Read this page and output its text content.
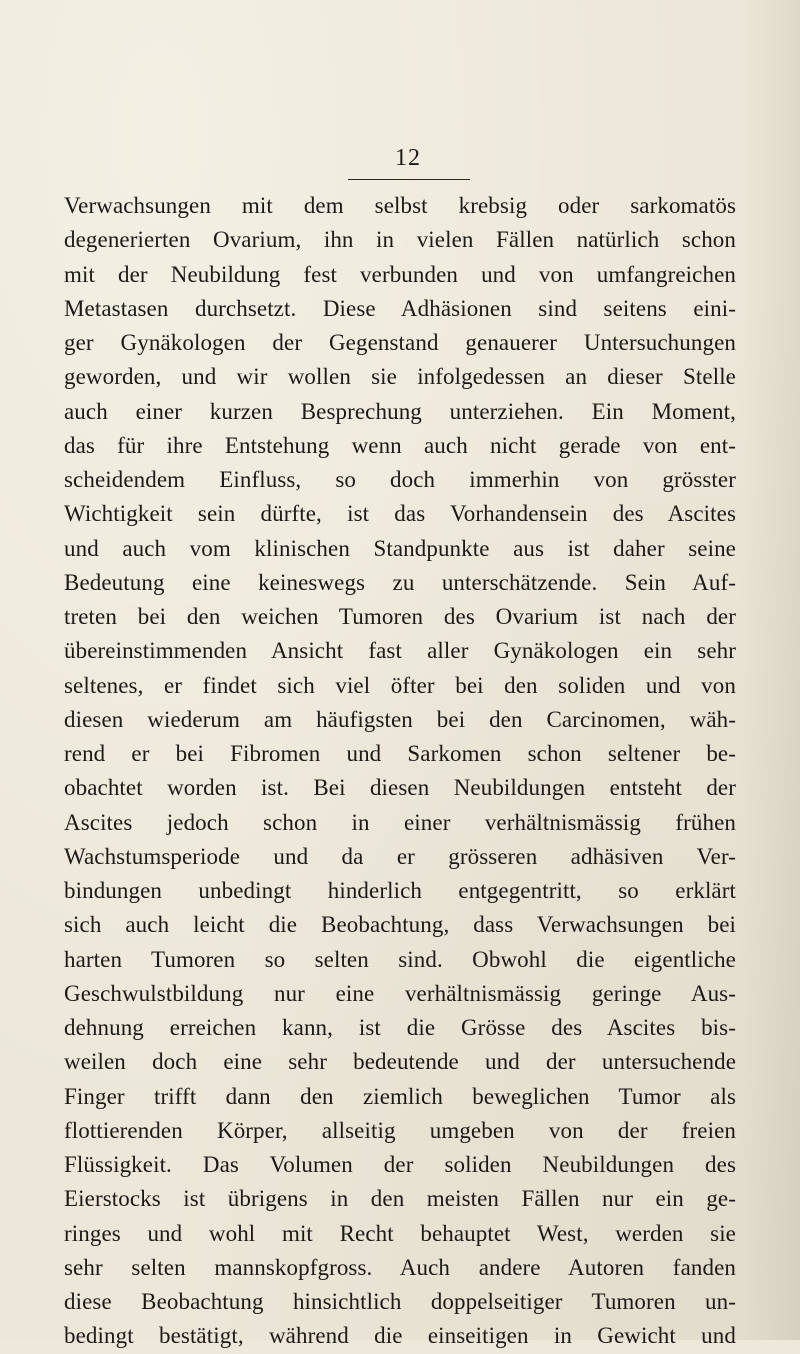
12
Verwachsungen mit dem selbst krebsig oder sarkomatös
degenerierten Ovarium, ihn in vielen Fällen natürlich schon
mit der Neubildung fest verbunden und von umfangreichen
Metastasen durchsetzt. Diese Adhäsionen sind seitens eini-
ger Gynäkologen der Gegenstand genauerer Untersuchungen
geworden, und wir wollen sie infolgedessen an dieser Stelle
auch einer kurzen Besprechung unterziehen. Ein Moment,
das für ihre Entstehung wenn auch nicht gerade von ent-
scheidendem Einfluss, so doch immerhin von grösster
Wichtigkeit sein dürfte, ist das Vorhandensein des Ascites
und auch vom klinischen Standpunkte aus ist daher seine
Bedeutung eine keineswegs zu unterschätzende. Sein Auf-
treten bei den weichen Tumoren des Ovarium ist nach der
übereinstimmenden Ansicht fast aller Gynäkologen ein sehr
seltenes, er findet sich viel öfter bei den soliden und von
diesen wiederum am häufigsten bei den Carcinomen, wäh-
rend er bei Fibromen und Sarkomen schon seltener be-
obachtet worden ist. Bei diesen Neubildungen entsteht der
Ascites jedoch schon in einer verhältnismässig frühen
Wachstumsperiode und da er grösseren adhäsiven Ver-
bindungen unbedingt hinderlich entgegentritt, so erklärt
sich auch leicht die Beobachtung, dass Verwachsungen bei
harten Tumoren so selten sind. Obwohl die eigentliche
Geschwulstbildung nur eine verhältnismässig geringe Aus-
dehnung erreichen kann, ist die Grösse des Ascites bis-
weilen doch eine sehr bedeutende und der untersuchende
Finger trifft dann den ziemlich beweglichen Tumor als
flottierenden Körper, allseitig umgeben von der freien
Flüssigkeit. Das Volumen der soliden Neubildungen des
Eierstocks ist übrigens in den meisten Fällen nur ein ge-
ringes und wohl mit Recht behauptet West, werden sie
sehr selten mannskopfgross. Auch andere Autoren fanden
diese Beobachtung hinsichtlich doppelseitiger Tumoren un-
bedingt bestätigt, während die einseitigen in Gewicht und
